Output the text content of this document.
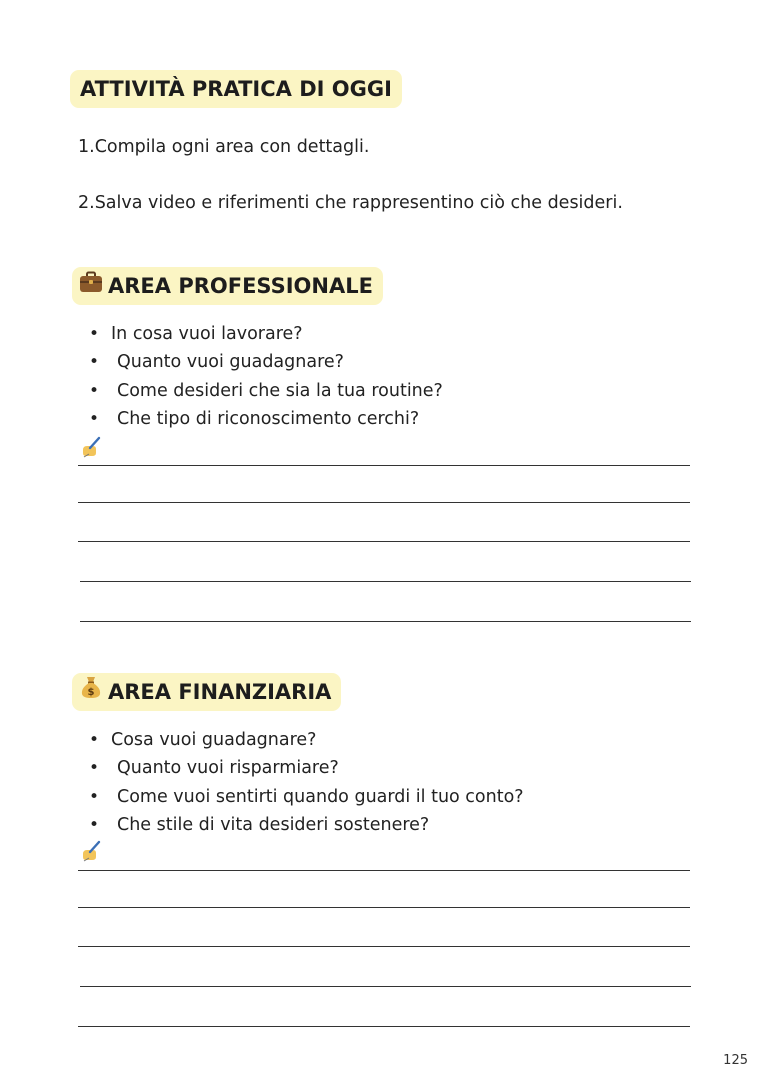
ATTIVITÀ PRATICA DI OGGI
1.Compila ogni area con dettagli.
2.Salva video e riferimenti che rappresentino ciò che desideri.
AREA PROFESSIONALE
• In cosa vuoi lavorare?
• Quanto vuoi guadagnare?
• Come desideri che sia la tua routine?
• Che tipo di riconoscimento cerchi?
$ AREA FINANZIARIA
• Cosa vuoi guadagnare?
• Quanto vuoi risparmiare?
• Come vuoi sentirti quando guardi il tuo conto?
• Che stile di vita desideri sostenere?
125
